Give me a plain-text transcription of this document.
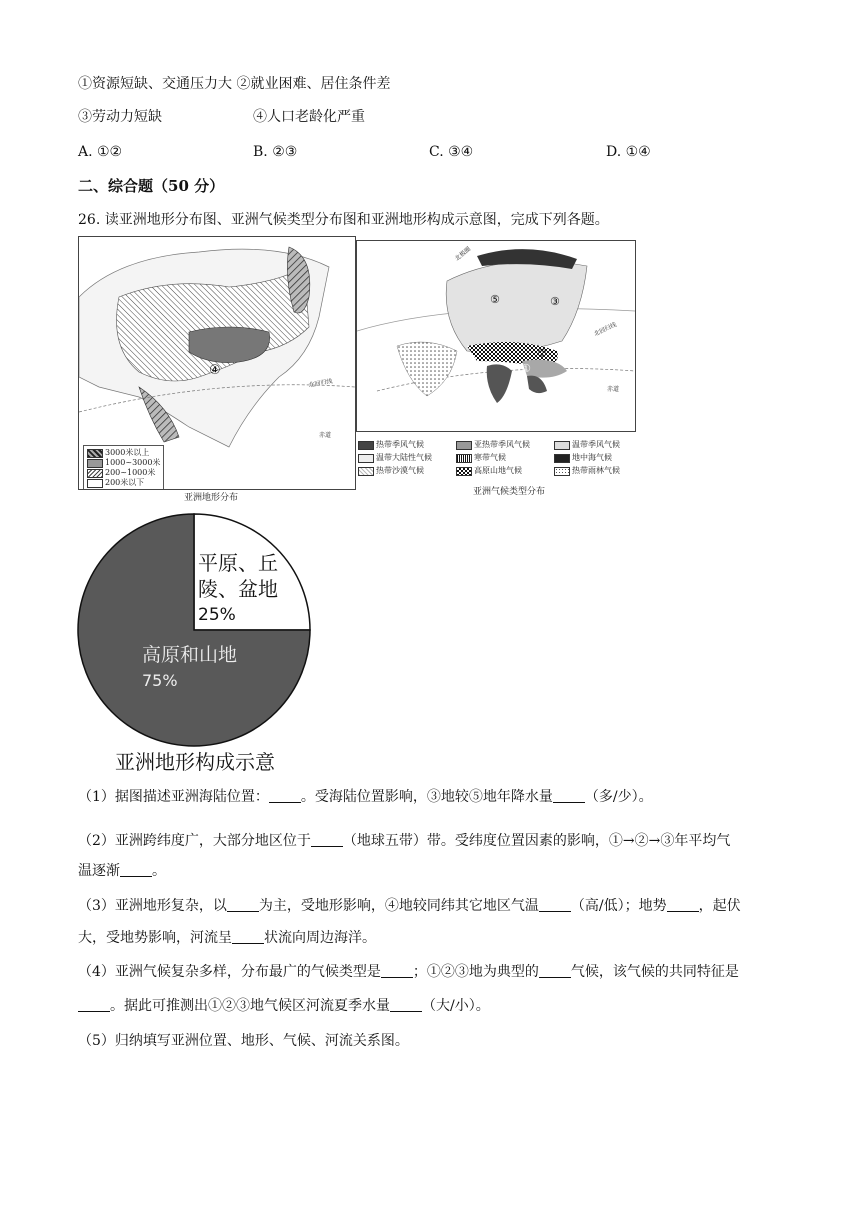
①资源短缺、交通压力大 ②就业困难、居住条件差
③劳动力短缺	④人口老龄化严重
A. ①②	B. ②③	C. ③④	D. ①④
二、综合题（50 分）
26. 读亚洲地形分布图、亚洲气候类型分布图和亚洲地形构成示意图，完成下列各题。
④
北回归线
赤道
3000米以上
1000~3000米
200~1000米
200米以下
亚洲地形分布
⑤	③
②
①
北回归线
赤道
北极圈
热带季风气候	亚热带季风气候	温带季风气候
温带大陆性气候	寒带气候	地中海气候
热带沙漠气候	高原山地气候	热带雨林气候
亚洲气候类型分布
平原、丘
陵、盆地
25%
高原和山地
75%
亚洲地形构成示意
（1）据图描述亚洲海陆位置： 。受海陆位置影响，③地较⑤地年降水量 （多/少）。
（2）亚洲跨纬度广，大部分地区位于 （地球五带）带。受纬度位置因素的影响，①→②→③年平均气
温逐渐 。
（3）亚洲地形复杂，以 为主，受地形影响，④地较同纬其它地区气温 （高/低）；地势 ，起伏
大，受地势影响，河流呈 状流向周边海洋。
（4）亚洲气候复杂多样，分布最广的气候类型是 ；①②③地为典型的 气候，该气候的共同特征是
。据此可推测出①②③地气候区河流夏季水量 （大/小）。
（5）归纳填写亚洲位置、地形、气候、河流关系图。
